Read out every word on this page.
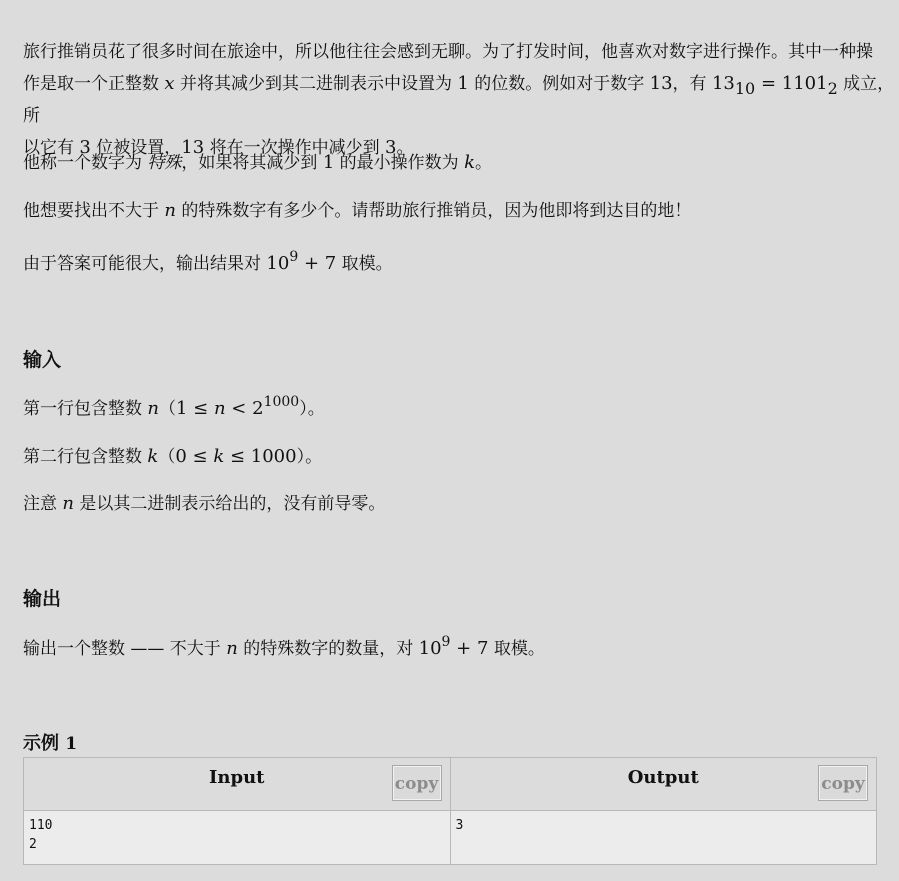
旅行推销员花了很多时间在旅途中，所以他往往会感到无聊。为了打发时间，他喜欢对数字进行操作。其中一种操
作是取一个正整数 x 并将其减少到其二进制表示中设置为 1 的位数。例如对于数字 13，有 1310 = 11012 成立，所
以它有 3 位被设置，13 将在一次操作中减少到 3。

他称一个数字为 特殊，如果将其减少到 1 的最小操作数为 k。

他想要找出不大于 n 的特殊数字有多少个。请帮助旅行推销员，因为他即将到达目的地！

由于答案可能很大，输出结果对 $10^9 + 7$ 取模。

输入

第一行包含整数 $n(1 \le n < 2^{1000})$。

第二行包含整数 k（0 ≤ k ≤ 1000）。

注意 n 是以其二进制表示给出的，没有前导零。

输出

输出一个整数 —— 不大于 n 的特殊数字的数量，对 $10^9 + 7$ 取模。

示例 1
Input copy	Output copy

110
2	3
